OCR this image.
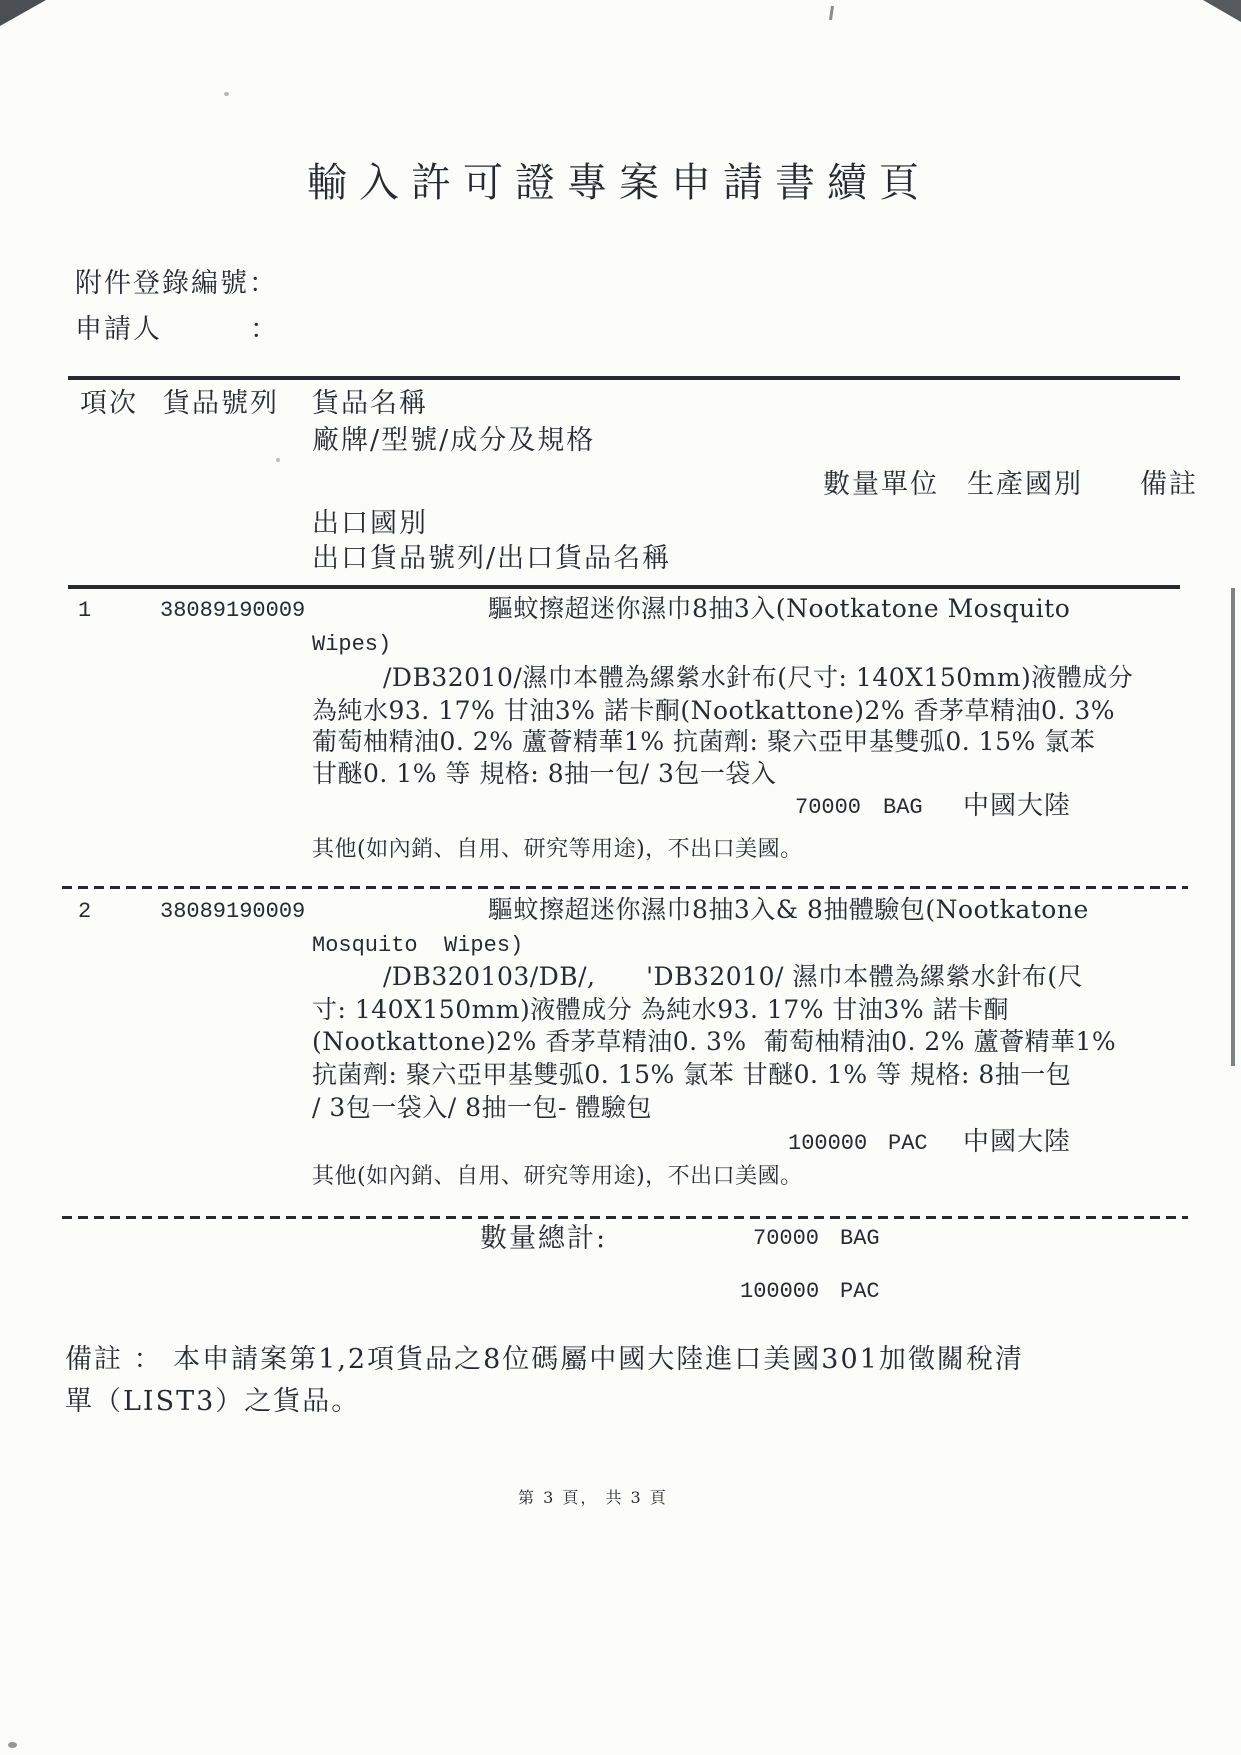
輸入許可證專案申請書續頁
附件登錄編號：
申請人	：
項次 貨品號列 貨品名稱
廠牌/型號/成分及規格
數量單位 生產國別 備註
出口國別
出口貨品號列/出口貨品名稱
1	38089190009	驅蚊擦超迷你濕巾8抽3入(Nootkatone Mosquito
Wipes)
/DB32010/濕巾本體為縲縈水針布(尺寸: 140X150mm)液體成分
為純水93. 17% 甘油3% 諾卡酮(Nootkattone)2% 香茅草精油0. 3%
葡萄柚精油0. 2% 蘆薈精華1% 抗菌劑: 聚六亞甲基雙弧0. 15% 氯苯
甘醚0. 1% 等 規格: 8抽一包/ 3包一袋入
70000 BAG 中國大陸
其他(如內銷、自用、研究等用途)，不出口美國。
2	38089190009	驅蚊擦超迷你濕巾8抽3入& 8抽體驗包(Nootkatone
Mosquito  Wipes)
/DB320103/DB/,      'DB32010/ 濕巾本體為縲縈水針布(尺
寸: 140X150mm)液體成分 為純水93. 17% 甘油3% 諾卡酮
(Nootkattone)2% 香茅草精油0. 3%  葡萄柚精油0. 2% 蘆薈精華1%
抗菌劑: 聚六亞甲基雙弧0. 15% 氯苯 甘醚0. 1% 等 規格: 8抽一包
/ 3包一袋入/ 8抽一包- 體驗包
100000 PAC 中國大陸
其他(如內銷、自用、研究等用途)，不出口美國。
數量總計:	70000 BAG
100000 PAC
備註 ： 本申請案第1,2項貨品之8位碼屬中國大陸進口美國301加徵關稅清
單（LIST3）之貨品。
第 3 頁， 共 3 頁
